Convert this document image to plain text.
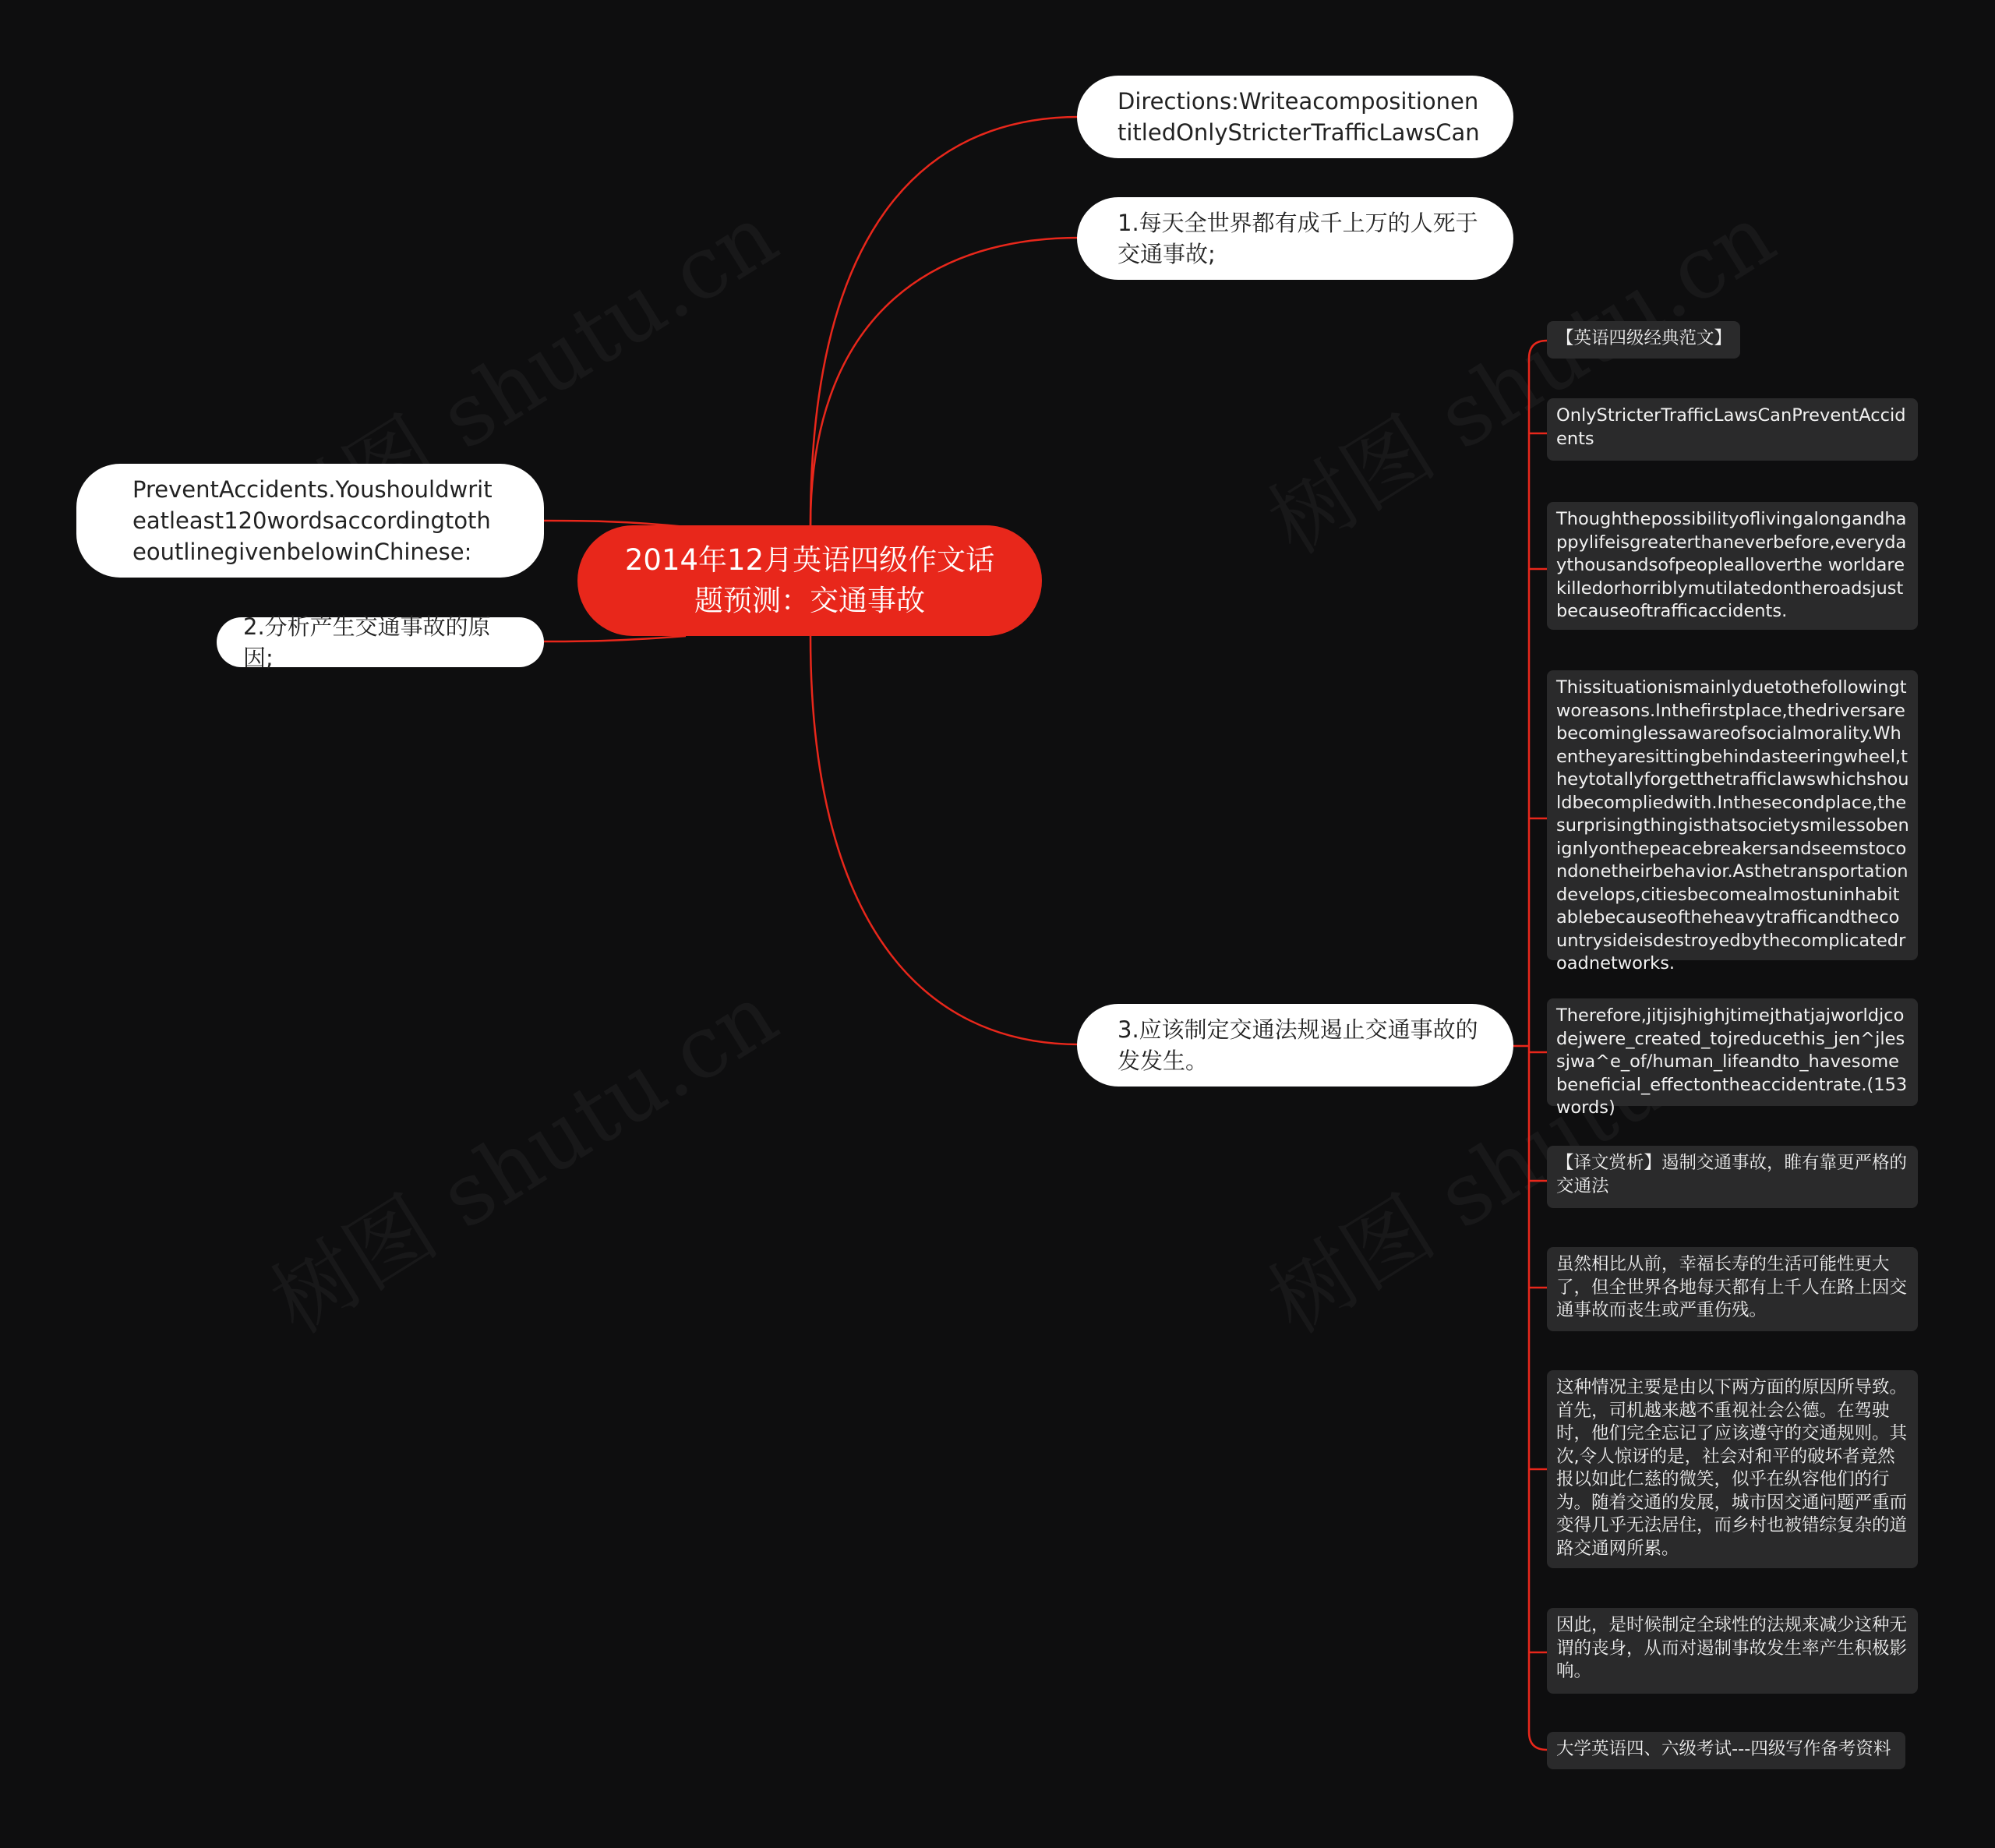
2014年12月英语四级作文话题预测：交通事故
Directions:WriteacompositionentitledOnlyStricterTrafficLawsCan
1.每天全世界都有成千上万的人死于交通事故;
3.应该制定交通法规遏止交通事故的发发生。
PreventAccidents.Youshouldwriteatleast120wordsaccordingtotheoutlinegivenbelowinChinese:
2.分析产生交通事故的原因;
【英语四级经典范文】
OnlyStricterTrafficLawsCanPreventAccidents
Thoughthepossibilityoflivingalongandhappylifeisgreaterthaneverbefore,everydaythousandsofpeoplealloverthe worldarekilledorhorriblymutilatedontheroadsjustbecauseoftrafficaccidents.
Thissituationismainlyduetothefollowingtworeasons.Inthefirstplace,thedriversarebecominglessawareofsocialmorality.Whentheyaresittingbehindasteeringwheel,theytotallyforgetthetrafficlawswhichshouldbecompliedwith.Inthesecondplace,thesurprisingthingisthatsocietysmilessobenignlyonthepeacebreakersandseemstocondonetheirbehavior.Asthetransportationdevelops,citiesbecomealmostuninhabitablebecauseoftheheavytrafficandthecountrysideisdestroyedbythecomplicatedroadnetworks.
Therefore,jitjisjhighjtimejthatjajworldjcodejwere_created_tojreducethis_jen^jlessjwa^e_of/human_lifeandto_havesomebeneficial_effectontheaccidentrate.(153words)
【译文赏析】遏制交通事故，睢有靠更严格的交通法
虽然相比从前，幸福长寿的生活可能性更大了，但全世界各地每天都有上千人在路上因交通事故而丧生或严重伤残。
这种情况主要是由以下两方面的原因所导致。首先，司机越来越不重视社会公德。在驾驶时，他们完全忘记了应该遵守的交通规则。其次,令人惊讶的是，社会对和平的破坏者竟然报以如此仁慈的微笑，似乎在纵容他们的行为。随着交通的发展，城市因交通问题严重而变得几乎无法居住，而乡村也被错综复杂的道路交通网所累。
因此，是时候制定全球性的法规来减少这种无谓的丧身，从而对遏制事故发生率产生积极影响。
大学英语四、六级考试---四级写作备考资料
